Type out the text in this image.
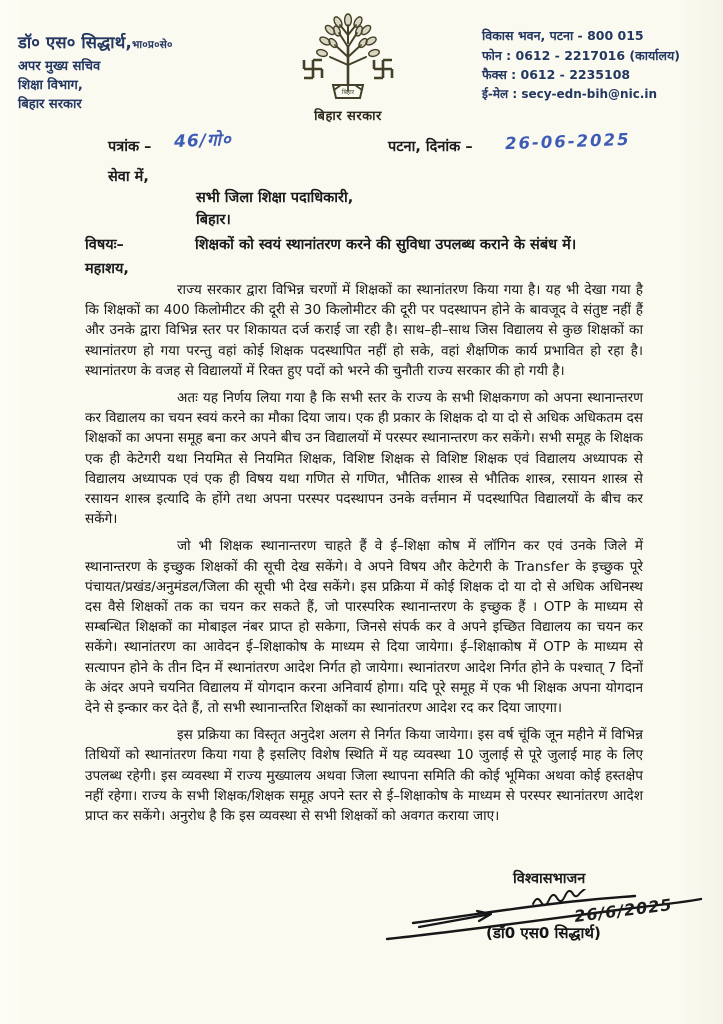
डॉ० एस० सिद्धार्थ,भा०प्र०से०
अपर मुख्य सचिव
शिक्षा विभाग,
बिहार सरकार
बिहार
बिहार सरकार
विकास भवन, पटना - 800 015
फोन : 0612 - 2217016 (कार्यालय)
फैक्स : 0612 - 2235108
ई-मेल : secy-edn-bih@nic.in
पत्रांक – 46/गो०	पटना, दिनांक – 26-06-2025
सेवा में,
सभी जिला शिक्षा पदाधिकारी,
बिहार।
विषयः–	शिक्षकों को स्वयं स्थानांतरण करने की सुविधा उपलब्ध कराने के संबंध में।
महाशय,

राज्य सरकार द्वारा विभिन्न चरणों में शिक्षकों का स्थानांतरण किया गया है। यह भी देखा गया है कि शिक्षकों का 400 किलोमीटर की दूरी से 30 किलोमीटर की दूरी पर पदस्थापन होने के बावजूद वे संतुष्ट नहीं हैं और उनके द्वारा विभिन्न स्तर पर शिकायत दर्ज कराई जा रही है। साथ–ही–साथ जिस विद्यालय से कुछ शिक्षकों का स्थानांतरण हो गया परन्तु वहां कोई शिक्षक पदस्थापित नहीं हो सके, वहां शैक्षणिक कार्य प्रभावित हो रहा है। स्थानांतरण के वजह से विद्यालयों में रिक्त हुए पदों को भरने की चुनौती राज्य सरकार की हो गयी है।

अतः यह निर्णय लिया गया है कि सभी स्तर के राज्य के सभी शिक्षकगण को अपना स्थानान्तरण कर विद्यालय का चयन स्वयं करने का मौका दिया जाय। एक ही प्रकार के शिक्षक दो या दो से अधिक अधिकतम दस शिक्षकों का अपना समूह बना कर अपने बीच उन विद्यालयों में परस्पर स्थानान्तरण कर सकेंगे। सभी समूह के शिक्षक एक ही केटेगरी यथा नियमित से नियमित शिक्षक, विशिष्ट शिक्षक से विशिष्ट शिक्षक एवं विद्यालय अध्यापक से विद्यालय अध्यापक एवं एक ही विषय यथा गणित से गणित, भौतिक शास्त्र से भौतिक शास्त्र, रसायन शास्त्र से रसायन शास्त्र इत्यादि के होंगे तथा अपना परस्पर पदस्थापन उनके वर्त्तमान में पदस्थापित विद्यालयों के बीच कर सकेंगे।

जो भी शिक्षक स्थानान्तरण चाहते हैं वे ई–शिक्षा कोष में लॉगिन कर एवं उनके जिले में स्थानान्तरण के इच्छुक शिक्षकों की सूची देख सकेंगे। वे अपने विषय और केटेगरी के Transfer के इच्छुक पूरे पंचायत/प्रखंड/अनुमंडल/जिला की सूची भी देख सकेंगे। इस प्रक्रिया में कोई शिक्षक दो या दो से अधिक अधिनस्थ दस वैसे शिक्षकों तक का चयन कर सकते हैं, जो पारस्परिक स्थानान्तरण के इच्छुक हैं । OTP के माध्यम से सम्बन्धित शिक्षकों का मोबाइल नंबर प्राप्त हो सकेगा, जिनसे संपर्क कर वे अपने इच्छित विद्यालय का चयन कर सकेंगे। स्थानांतरण का आवेदन ई–शिक्षाकोष के माध्यम से दिया जायेगा। ई–शिक्षाकोष में OTP के माध्यम से सत्यापन होने के तीन दिन में स्थानांतरण आदेश निर्गत हो जायेगा। स्थानांतरण आदेश निर्गत होने के पश्चात् 7 दिनों के अंदर अपने चयनित विद्यालय में योगदान करना अनिवार्य होगा। यदि पूरे समूह में एक भी शिक्षक अपना योगदान देने से इन्कार कर देते हैं, तो सभी स्थानान्तरित शिक्षकों का स्थानांतरण आदेश रद कर दिया जाएगा।

इस प्रक्रिया का विस्तृत अनुदेश अलग से निर्गत किया जायेगा। इस वर्ष चूंकि जून महीने में विभिन्न तिथियों को स्थानांतरण किया गया है इसलिए विशेष स्थिति में यह व्यवस्था 10 जुलाई से पूरे जुलाई माह के लिए उपलब्ध रहेगी। इस व्यवस्था में राज्य मुख्यालय अथवा जिला स्थापना समिति की कोई भूमिका अथवा कोई हस्तक्षेप नहीं रहेगा। राज्य के सभी शिक्षक/शिक्षक समूह अपने स्तर से ई–शिक्षाकोष के माध्यम से परस्पर स्थानांतरण आदेश प्राप्त कर सकेंगे। अनुरोध है कि इस व्यवस्था से सभी शिक्षकों को अवगत कराया जाए।

विश्वासभाजन
26/6/2025
(डॉ0 एस0 सिद्धार्थ)
